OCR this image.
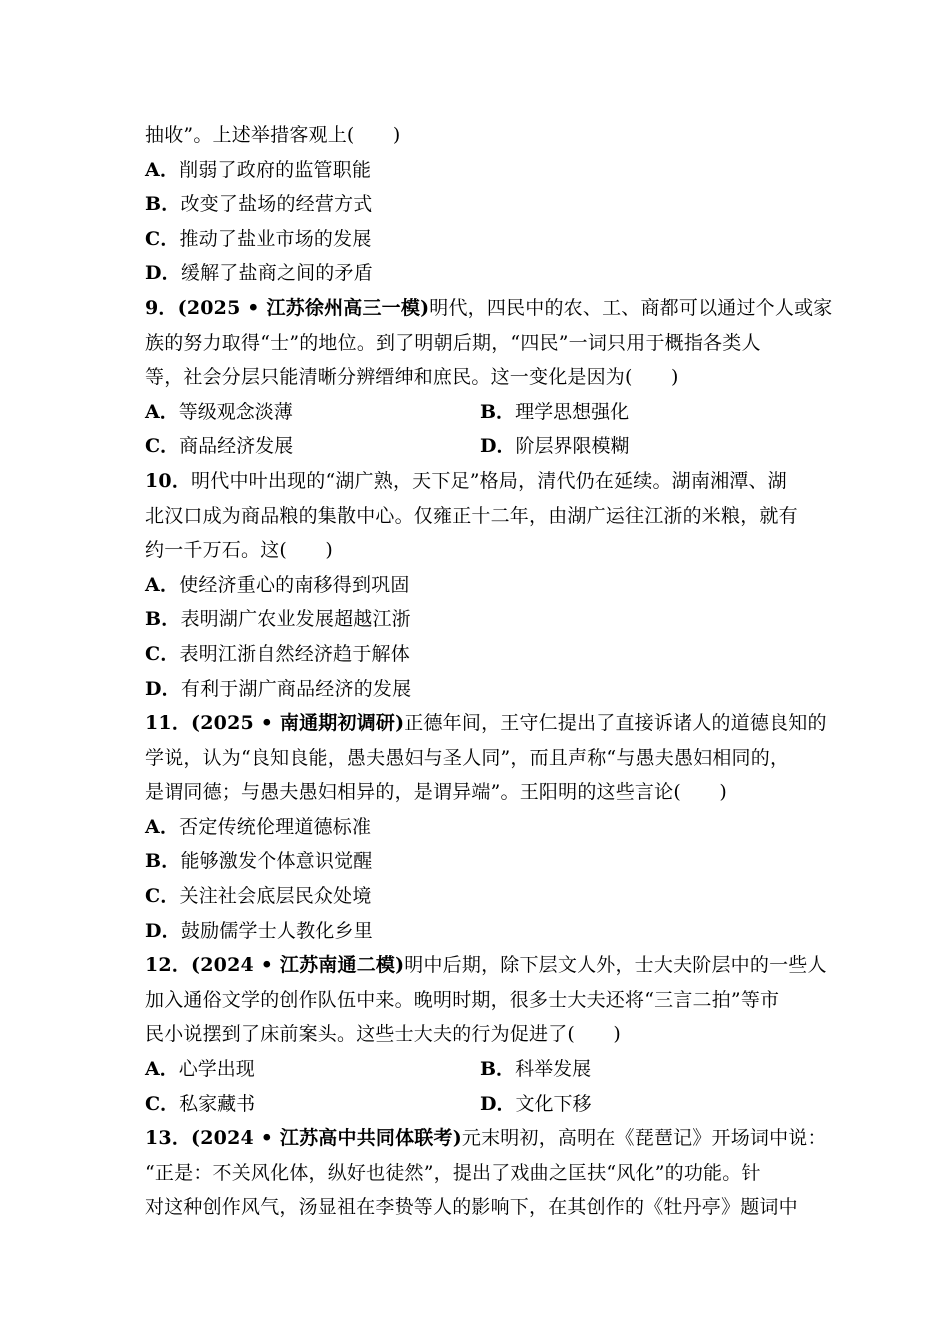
抽收”。上述举措客观上(　　)
A．削弱了政府的监管职能
B．改变了盐场的经营方式
C．推动了盐业市场的发展
D．缓解了盐商之间的矛盾
9．(2025 • 江苏徐州高三一模)明代，四民中的农、工、商都可以通过个人或家
族的努力取得“士”的地位。到了明朝后期，“四民”一词只用于概指各类人
等，社会分层只能清晰分辨缙绅和庶民。这一变化是因为(　　)
A．等级观念淡薄	B．理学思想强化
C．商品经济发展	D．阶层界限模糊
10．明代中叶出现的“湖广熟，天下足”格局，清代仍在延续。湖南湘潭、湖
北汉口成为商品粮的集散中心。仅雍正十二年，由湖广运往江浙的米粮，就有
约一千万石。这(　　)
A．使经济重心的南移得到巩固
B．表明湖广农业发展超越江浙
C．表明江浙自然经济趋于解体
D．有利于湖广商品经济的发展
11．(2025 • 南通期初调研)正德年间，王守仁提出了直接诉诸人的道德良知的
学说，认为“良知良能，愚夫愚妇与圣人同”，而且声称“与愚夫愚妇相同的，
是谓同德；与愚夫愚妇相异的，是谓异端”。王阳明的这些言论(　　)
A．否定传统伦理道德标准
B．能够激发个体意识觉醒
C．关注社会底层民众处境
D．鼓励儒学士人教化乡里
12．(2024 • 江苏南通二模)明中后期，除下层文人外，士大夫阶层中的一些人
加入通俗文学的创作队伍中来。晚明时期，很多士大夫还将“三言二拍”等市
民小说摆到了床前案头。这些士大夫的行为促进了(　　)
A．心学出现	B．科举发展
C．私家藏书	D．文化下移
13．(2024 • 江苏高中共同体联考)元末明初，高明在《琵琶记》开场词中说：
“正是：不关风化体，纵好也徒然”，提出了戏曲之匡扶“风化”的功能。针
对这种创作风气，汤显祖在李贽等人的影响下，在其创作的《牡丹亭》题词中
